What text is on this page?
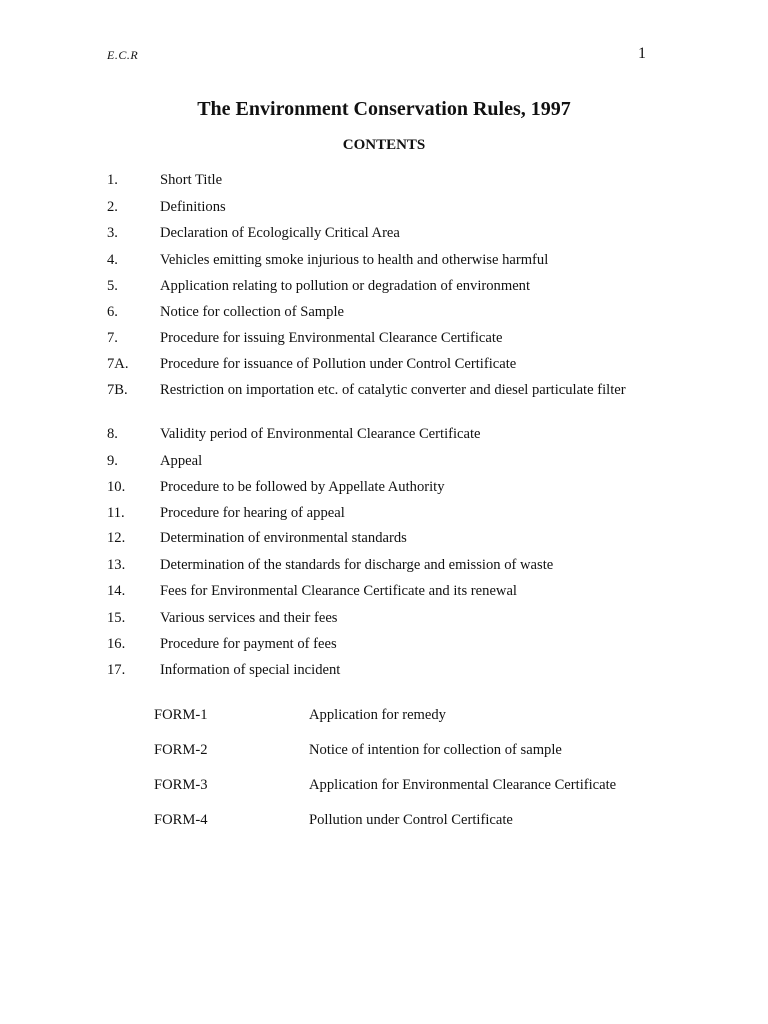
E.C.R	1
The Environment Conservation Rules, 1997
CONTENTS
1.	Short Title
2.	Definitions
3.	Declaration of Ecologically Critical Area
4.	Vehicles emitting smoke injurious to health and otherwise harmful
5.	Application relating to pollution or degradation of environment
6.	Notice for collection of Sample
7.	Procedure for issuing Environmental Clearance Certificate
7A.	Procedure for issuance of Pollution under Control Certificate
7B.	Restriction on importation etc. of catalytic converter and diesel particulate filter
8.	Validity period of Environmental Clearance Certificate
9.	Appeal
10.	Procedure to be followed by Appellate Authority
11.	Procedure for hearing of appeal
12.	Determination of environmental standards
13.	Determination of the standards for discharge and emission of waste
14.	Fees for Environmental Clearance Certificate and its renewal
15.	Various services and their fees
16.	Procedure for payment of fees
17.	Information of special incident
FORM-1	Application for remedy
FORM-2	Notice of intention for collection of sample
FORM-3	Application for Environmental Clearance Certificate
FORM-4	Pollution under Control Certificate
